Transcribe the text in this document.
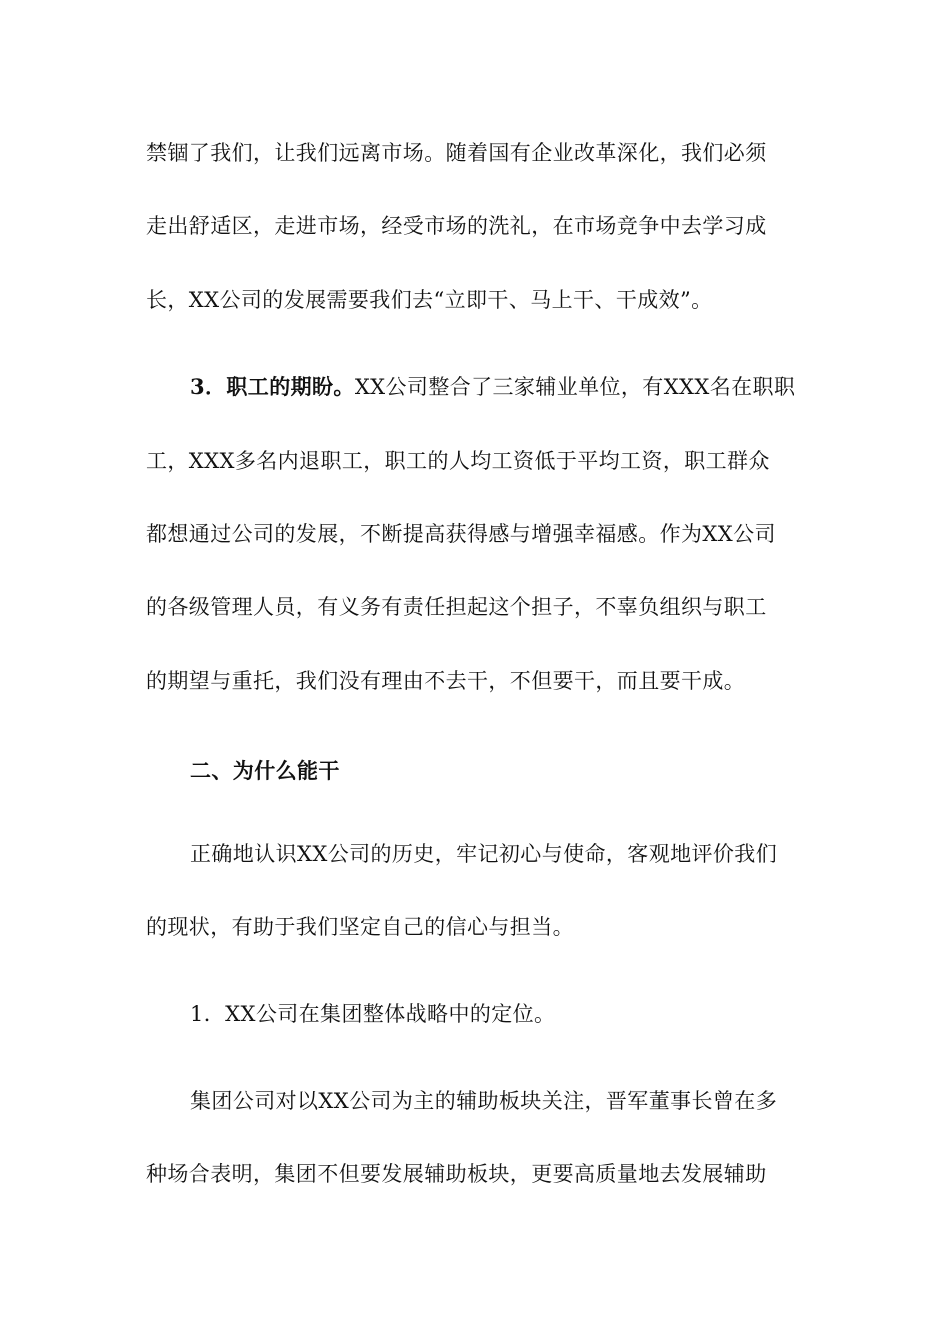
禁锢了我们，让我们远离市场。随着国有企业改革深化，我们必须
走出舒适区，走进市场，经受市场的洗礼，在市场竞争中去学习成
长，XX公司的发展需要我们去“立即干、马上干、干成效”。
3．职工的期盼。XX公司整合了三家辅业单位，有XXX名在职职
工，XXX多名内退职工，职工的人均工资低于平均工资，职工群众
都想通过公司的发展，不断提高获得感与增强幸福感。作为XX公司
的各级管理人员，有义务有责任担起这个担子，不辜负组织与职工
的期望与重托，我们没有理由不去干，不但要干，而且要干成。
二、为什么能干
正确地认识XX公司的历史，牢记初心与使命，客观地评价我们
的现状，有助于我们坚定自己的信心与担当。
1．XX公司在集团整体战略中的定位。
集团公司对以XX公司为主的辅助板块关注，晋军董事长曾在多
种场合表明，集团不但要发展辅助板块，更要高质量地去发展辅助
